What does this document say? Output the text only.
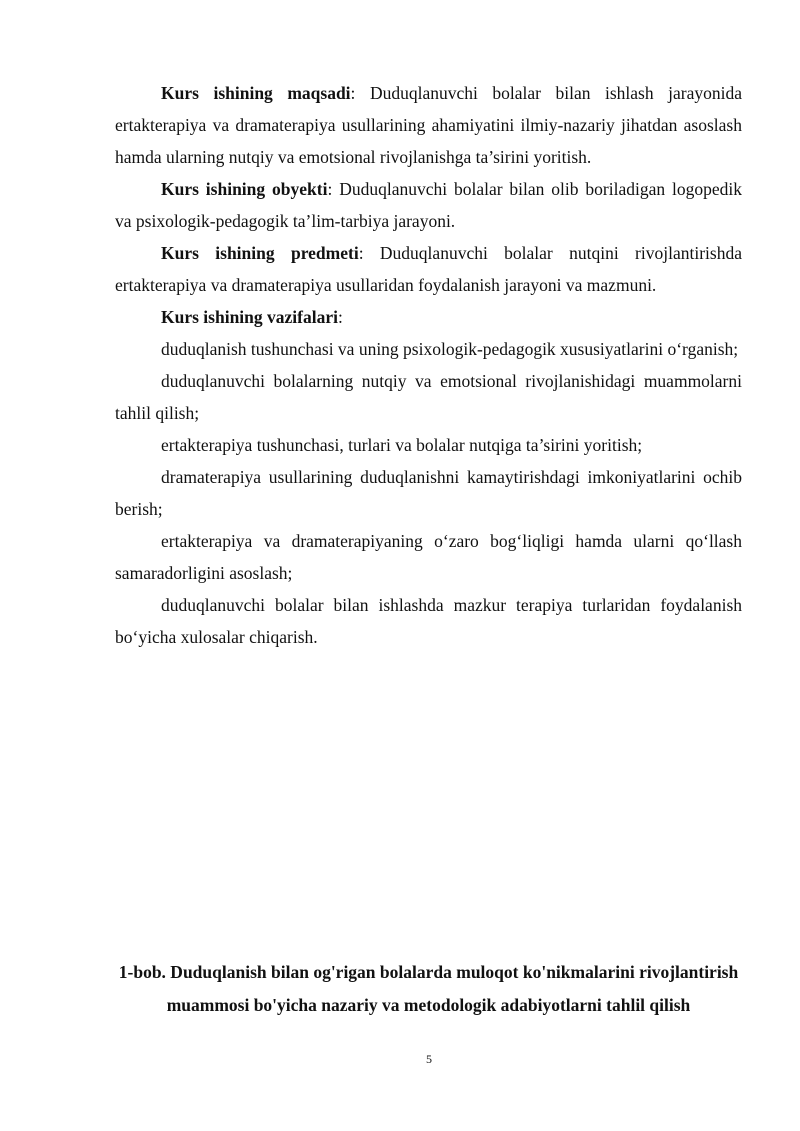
Kurs ishining maqsadi: Duduqlanuvchi bolalar bilan ishlash jarayonida ertakterapiya va dramaterapiya usullarining ahamiyatini ilmiy-nazariy jihatdan asoslash hamda ularning nutqiy va emotsional rivojlanishga ta’sirini yoritish.

Kurs ishining obyekti: Duduqlanuvchi bolalar bilan olib boriladigan logopedik va psixologik-pedagogik ta’lim-tarbiya jarayoni.

Kurs ishining predmeti: Duduqlanuvchi bolalar nutqini rivojlantirishda ertakterapiya va dramaterapiya usullaridan foydalanish jarayoni va mazmuni.

Kurs ishining vazifalari:

duduqlanish tushunchasi va uning psixologik-pedagogik xususiyatlarini o‘rganish;

duduqlanuvchi bolalarning nutqiy va emotsional rivojlanishidagi muammolarni tahlil qilish;

ertakterapiya tushunchasi, turlari va bolalar nutqiga ta’sirini yoritish;

dramaterapiya usullarining duduqlanishni kamaytirishdagi imkoniyatlarini ochib berish;

ertakterapiya va dramaterapiyaning o‘zaro bog‘liqligi hamda ularni qo‘llash samaradorligini asoslash;

duduqlanuvchi bolalar bilan ishlashda mazkur terapiya turlaridan foydalanish bo‘yicha xulosalar chiqarish.

1-bob. Duduqlanish bilan og'rigan bolalarda muloqot ko'nikmalarini rivojlantirish muammosi bo'yicha nazariy va metodologik adabiyotlarni tahlil qilish
5
